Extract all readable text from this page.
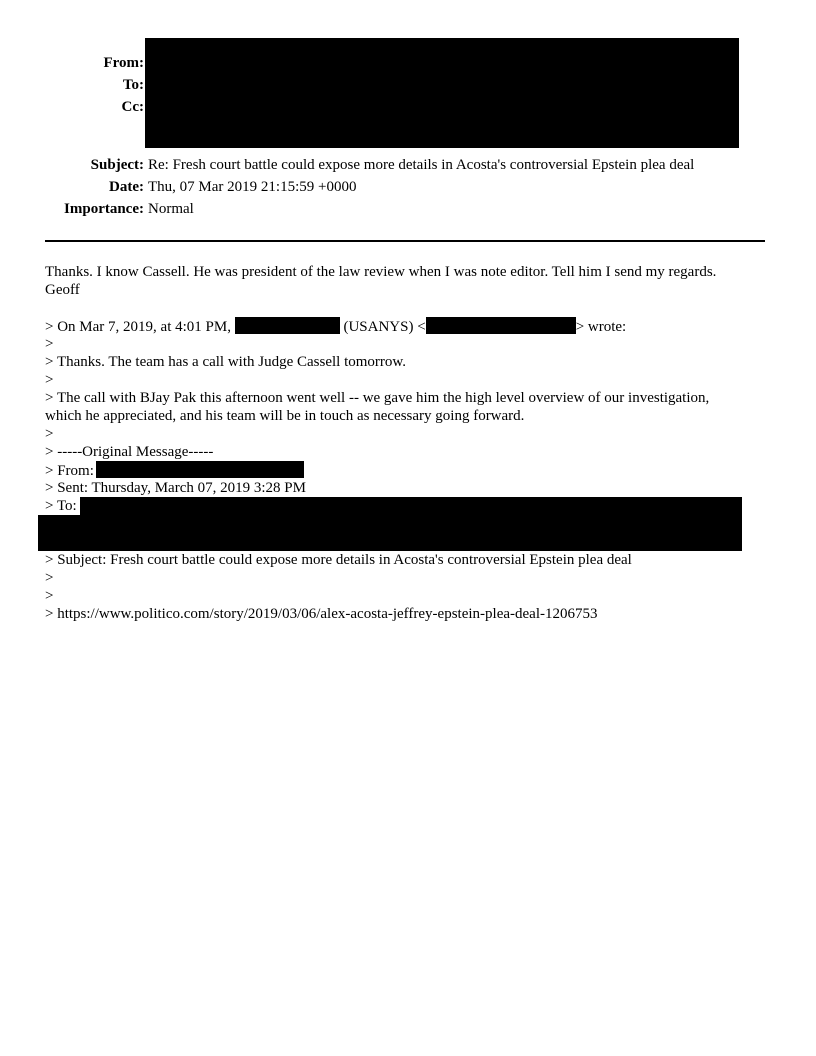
From:
To:
Cc:
Subject: Re: Fresh court battle could expose more details in Acosta's controversial Epstein plea deal
Date: Thu, 07 Mar 2019 21:15:59 +0000
Importance: Normal
Thanks. I know Cassell. He was president of the law review when I was note editor. Tell him I send my regards.
Geoff
> On Mar 7, 2019, at 4:01 PM,	(USANYS) <	> wrote:
>
> Thanks. The team has a call with Judge Cassell tomorrow.
>
> The call with BJay Pak this afternoon went well -- we gave him the high level overview of our investigation,
which he appreciated, and his team will be in touch as necessary going forward.
>
> -----Original Message-----
> From:
> Sent: Thursday, March 07, 2019 3:28 PM
> To:
> Subject: Fresh court battle could expose more details in Acosta's controversial Epstein plea deal
>
>
> https://www.politico.com/story/2019/03/06/alex-acosta-jeffrey-epstein-plea-deal-1206753
